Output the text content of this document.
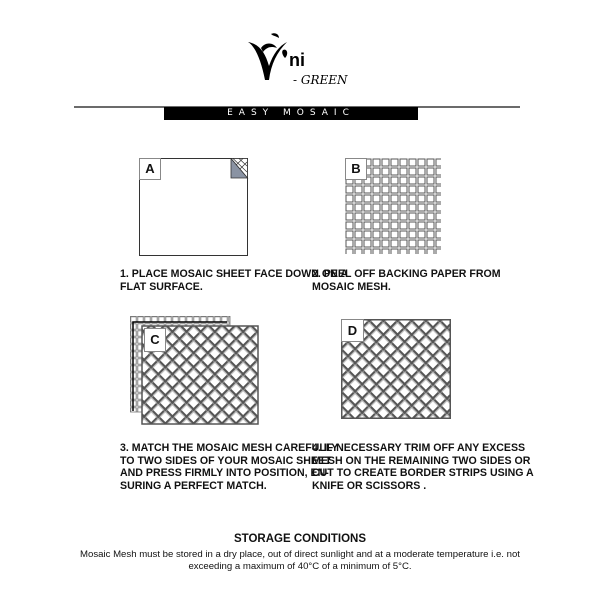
ni
- GREEN
EASY MOSAIC
A	B
C
D
1. PLACE MOSAIC SHEET FACE DOWN ON A
FLAT SURFACE.
2. PEEL OFF BACKING PAPER FROM
MOSAIC MESH.
3. MATCH THE MOSAIC MESH CAREFULLY
TO TWO SIDES OF YOUR MOSAIC SHEET
AND PRESS FIRMLY INTO POSITION, EN-
SURING A PERFECT MATCH.
4. IF NECESSARY TRIM OFF ANY EXCESS
MESH ON THE REMAINING TWO SIDES OR
CUT TO CREATE BORDER STRIPS USING A
KNIFE OR SCISSORS .
STORAGE CONDITIONS
Mosaic Mesh must be stored in a dry place, out of direct sunlight and at a moderate temperature i.e. not
exceeding a maximum of 40°C of a minimum of 5°C.
